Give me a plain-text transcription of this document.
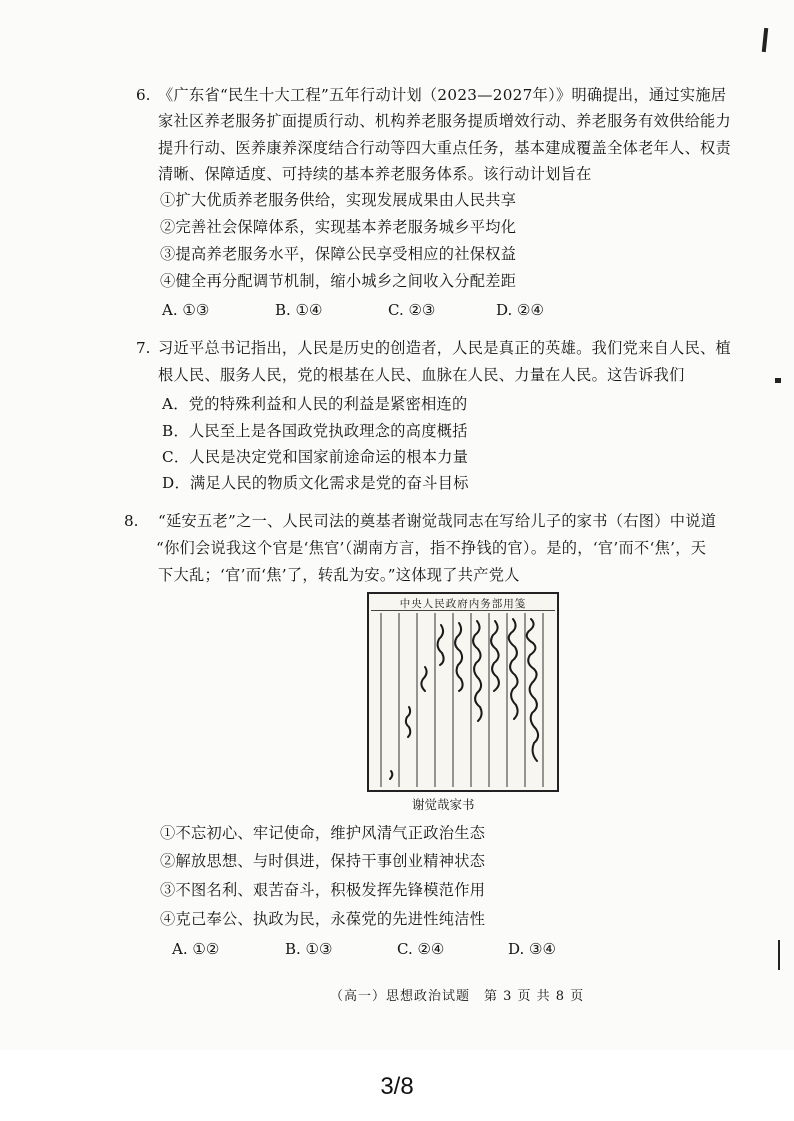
6. 《广东省“民生十大工程”五年行动计划（2023—2027年）》明确提出，通过实施居
家社区养老服务扩面提质行动、机构养老服务提质增效行动、养老服务有效供给能力
提升行动、医养康养深度结合行动等四大重点任务，基本建成覆盖全体老年人、权责
清晰、保障适度、可持续的基本养老服务体系。该行动计划旨在
①扩大优质养老服务供给，实现发展成果由人民共享
②完善社会保障体系，实现基本养老服务城乡平均化
③提高养老服务水平，保障公民享受相应的社保权益
④健全再分配调节机制，缩小城乡之间收入分配差距
A. ①③	B. ①④	C. ②③	D. ②④
7. 习近平总书记指出，人民是历史的创造者，人民是真正的英雄。我们党来自人民、植
根人民、服务人民，党的根基在人民、血脉在人民、力量在人民。这告诉我们
A．党的特殊利益和人民的利益是紧密相连的
B．人民至上是各国政党执政理念的高度概括
C．人民是决定党和国家前途命运的根本力量
D．满足人民的物质文化需求是党的奋斗目标
8. “延安五老”之一、人民司法的奠基者谢觉哉同志在写给儿子的家书（右图）中说道
“你们会说我这个官是‘焦官’（湖南方言，指不挣钱的官）。是的，‘官’而不‘焦’，天
下大乱；‘官’而‘焦’了，转乱为安。”这体现了共产党人
中央人民政府内务部用笺
谢觉哉家书
①不忘初心、牢记使命，维护风清气正政治生态
②解放思想、与时俱进，保持干事创业精神状态
③不图名利、艰苦奋斗，积极发挥先锋模范作用
④克己奉公、执政为民，永葆党的先进性纯洁性
A. ①②	B. ①③	C. ②④	D. ③④
（高一）思想政治试题　第 3 页 共 8 页
3/8
